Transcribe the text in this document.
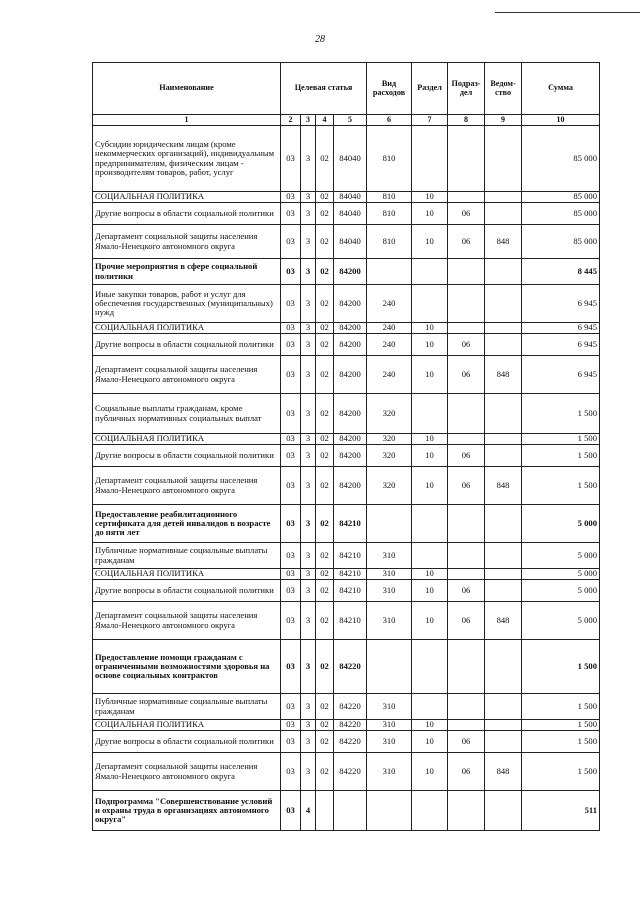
28
Наименование	Целевая статья				Вид расходов	Раздел	Подраз-дел	Ведом-ство	Сумма
1	2	3	4	5	6	7	8	9	10
Субсидии юридическим лицам (кроме некоммерческих организаций), индивидуальным предпринимателям, физическим лицам - производителям товаров, работ, услуг	03	3	02	84040	810				85 000
СОЦИАЛЬНАЯ ПОЛИТИКА	03	3	02	84040	810	10			85 000
Другие вопросы в области социальной политики	03	3	02	84040	810	10	06		85 000
Департамент социальной защиты населения Ямало-Ненецкого автономного округа	03	3	02	84040	810	10	06	848	85 000
Прочие мероприятия в сфере социальной политики	03	3	02	84200					8 445
Иные закупки товаров, работ и услуг для обеспечения государственных (муниципальных) нужд	03	3	02	84200	240				6 945
СОЦИАЛЬНАЯ ПОЛИТИКА	03	3	02	84200	240	10			6 945
Другие вопросы в области социальной политики	03	3	02	84200	240	10	06		6 945
Департамент социальной защиты населения Ямало-Ненецкого автономного округа	03	3	02	84200	240	10	06	848	6 945
Социальные выплаты гражданам, кроме публичных нормативных социальных выплат	03	3	02	84200	320				1 500
СОЦИАЛЬНАЯ ПОЛИТИКА	03	3	02	84200	320	10			1 500
Другие вопросы в области социальной политики	03	3	02	84200	320	10	06		1 500
Департамент социальной защиты населения Ямало-Ненецкого автономного округа	03	3	02	84200	320	10	06	848	1 500
Предоставление реабилитационного сертификата для детей инвалидов в возрасте до пяти лет	03	3	02	84210					5 000
Публичные нормативные социальные выплаты гражданам	03	3	02	84210	310				5 000
СОЦИАЛЬНАЯ ПОЛИТИКА	03	3	02	84210	310	10			5 000
Другие вопросы в области социальной политики	03	3	02	84210	310	10	06		5 000
Департамент социальной защиты населения Ямало-Ненецкого автономного округа	03	3	02	84210	310	10	06	848	5 000
Предоставление помощи гражданам с ограниченными возможностями здоровья на основе социальных контрактов	03	3	02	84220					1 500
Публичные нормативные социальные выплаты гражданам	03	3	02	84220	310				1 500
СОЦИАЛЬНАЯ ПОЛИТИКА	03	3	02	84220	310	10			1 500
Другие вопросы в области социальной политики	03	3	02	84220	310	10	06		1 500
Департамент социальной защиты населения Ямало-Ненецкого автономного округа	03	3	02	84220	310	10	06	848	1 500
Подпрограмма "Совершенствование условий и охраны труда в организациях автономного округа"	03	4							511
